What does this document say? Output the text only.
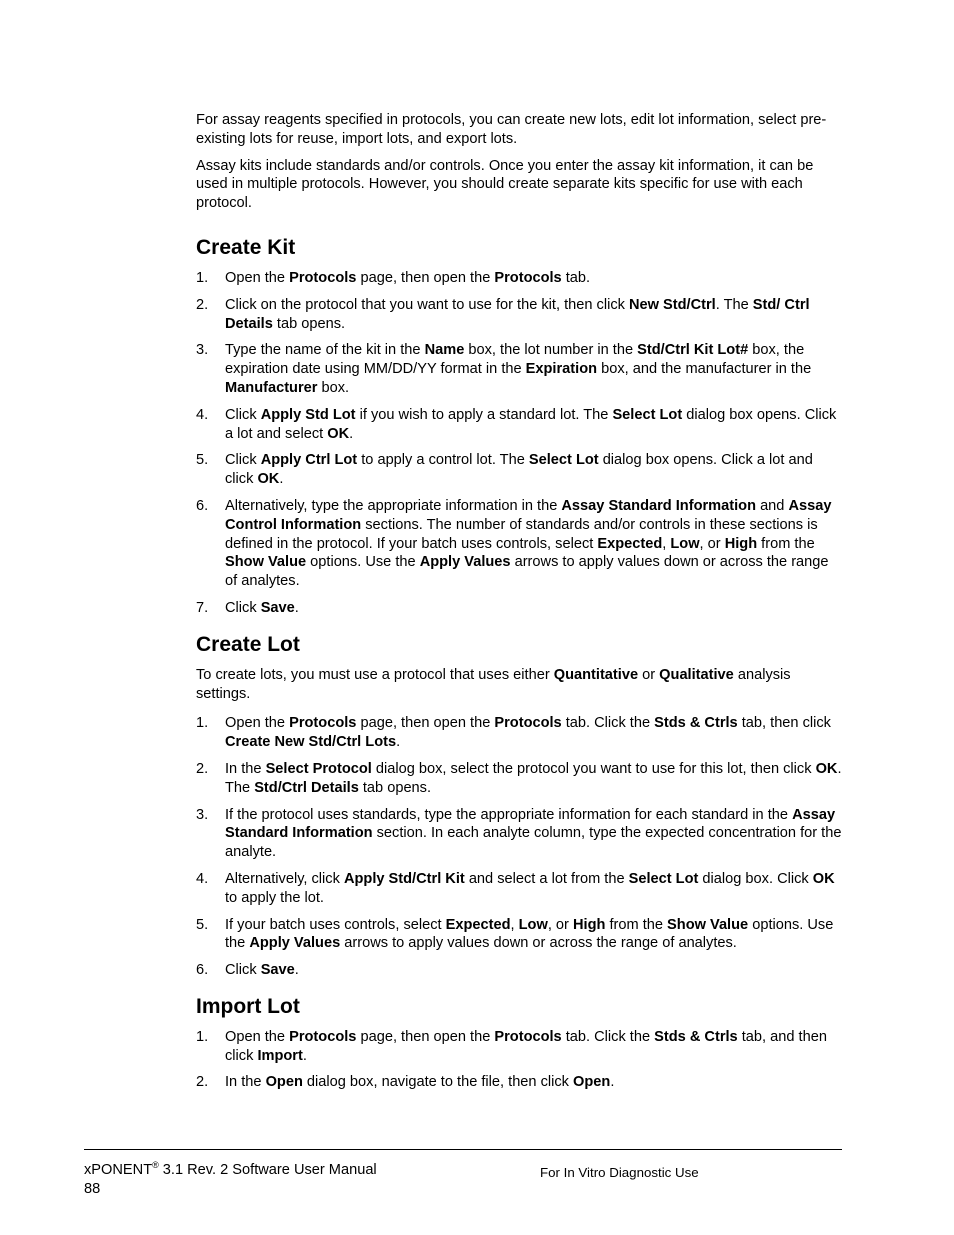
For assay reagents specified in protocols, you can create new lots, edit lot information, select pre-existing lots for reuse, import lots, and export lots.

Assay kits include standards and/or controls. Once you enter the assay kit information, it can be used in multiple protocols. However, you should create separate kits specific for use with each protocol.

Create Kit
1. Open the Protocols page, then open the Protocols tab.
2. Click on the protocol that you want to use for the kit, then click New Std/Ctrl. The Std/ Ctrl Details tab opens.
3. Type the name of the kit in the Name box, the lot number in the Std/Ctrl Kit Lot# box, the expiration date using MM/DD/YY format in the Expiration box, and the manufacturer in the Manufacturer box.
4. Click Apply Std Lot if you wish to apply a standard lot. The Select Lot dialog box opens. Click a lot and select OK.
5. Click Apply Ctrl Lot to apply a control lot. The Select Lot dialog box opens. Click a lot and click OK.
6. Alternatively, type the appropriate information in the Assay Standard Information and Assay Control Information sections. The number of standards and/or controls in these sections is defined in the protocol. If your batch uses controls, select Expected, Low, or High from the Show Value options. Use the Apply Values arrows to apply values down or across the range of analytes.
7. Click Save.
Create Lot

To create lots, you must use a protocol that uses either Quantitative or Qualitative analysis settings.

1. Open the Protocols page, then open the Protocols tab. Click the Stds & Ctrls tab, then click Create New Std/Ctrl Lots.
2. In the Select Protocol dialog box, select the protocol you want to use for this lot, then click OK. The Std/Ctrl Details tab opens.
3. If the protocol uses standards, type the appropriate information for each standard in the Assay Standard Information section. In each analyte column, type the expected concentration for the analyte.
4. Alternatively, click Apply Std/Ctrl Kit and select a lot from the Select Lot dialog box. Click OK to apply the lot.
5. If your batch uses controls, select Expected, Low, or High from the Show Value options. Use the Apply Values arrows to apply values down or across the range of analytes.
6. Click Save.
Import Lot
1. Open the Protocols page, then open the Protocols tab. Click the Stds & Ctrls tab, and then click Import.
2. In the Open dialog box, navigate to the file, then click Open.
xPONENT® 3.1 Rev. 2 Software User Manual
88
For In Vitro Diagnostic Use
